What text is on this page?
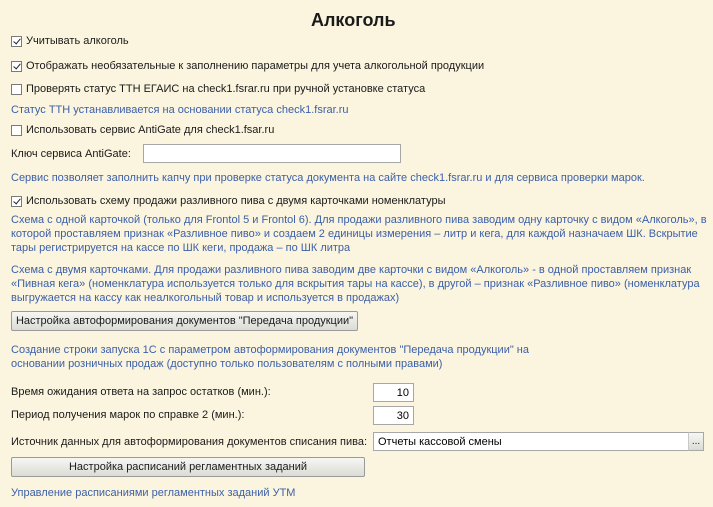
Алкоголь
Учитывать алкоголь
Отображать необязательные к заполнению параметры для учета алкогольной продукции
Проверять статус ТТН ЕГАИС на check1.fsrar.ru при ручной установке статуса
Статус ТТН устанавливается на основании статуса check1.fsrar.ru
Использовать сервис AntiGate для check1.fsar.ru
Ключ сервиса AntiGate:
Сервис позволяет заполнить капчу при проверке статуса документа на сайте check1.fsrar.ru и для сервиса проверки марок.
Использовать схему продажи разливного пива с двумя карточками номенклатуры
Схема с одной карточкой (только для Frontol 5 и Frontol 6). Для продажи разливного пива заводим одну карточку с видом «Алкоголь», в
которой проставляем признак «Разливное пиво» и создаем 2 единицы измерения – литр и кега, для каждой назначаем ШК. Вскрытие
тары регистрируется на кассе по ШК кеги, продажа – по ШК литра
Схема с двумя карточками. Для продажи разливного пива заводим две карточки с видом «Алкоголь» - в одной проставляем признак
«Пивная кега» (номенклатура используется только для вскрытия тары на кассе), в другой – признак «Разливное пиво» (номенклатура
выгружается на кассу как неалкогольный товар и используется в продажах)
Настройка автоформирования документов "Передача продукции"
Создание строки запуска 1С с параметром автоформирования документов "Передача продукции" на
основании розничных продаж (доступно только пользователям с полными правами)
Время ожидания ответа на запрос остатков (мин.):
10
Период получения марок по справке 2 (мин.):
30
Источник данных для автоформирования документов списания пива:
Отчеты кассовой смены	...
Настройка расписаний регламентных заданий
Управление расписаниями регламентных заданий УТМ
